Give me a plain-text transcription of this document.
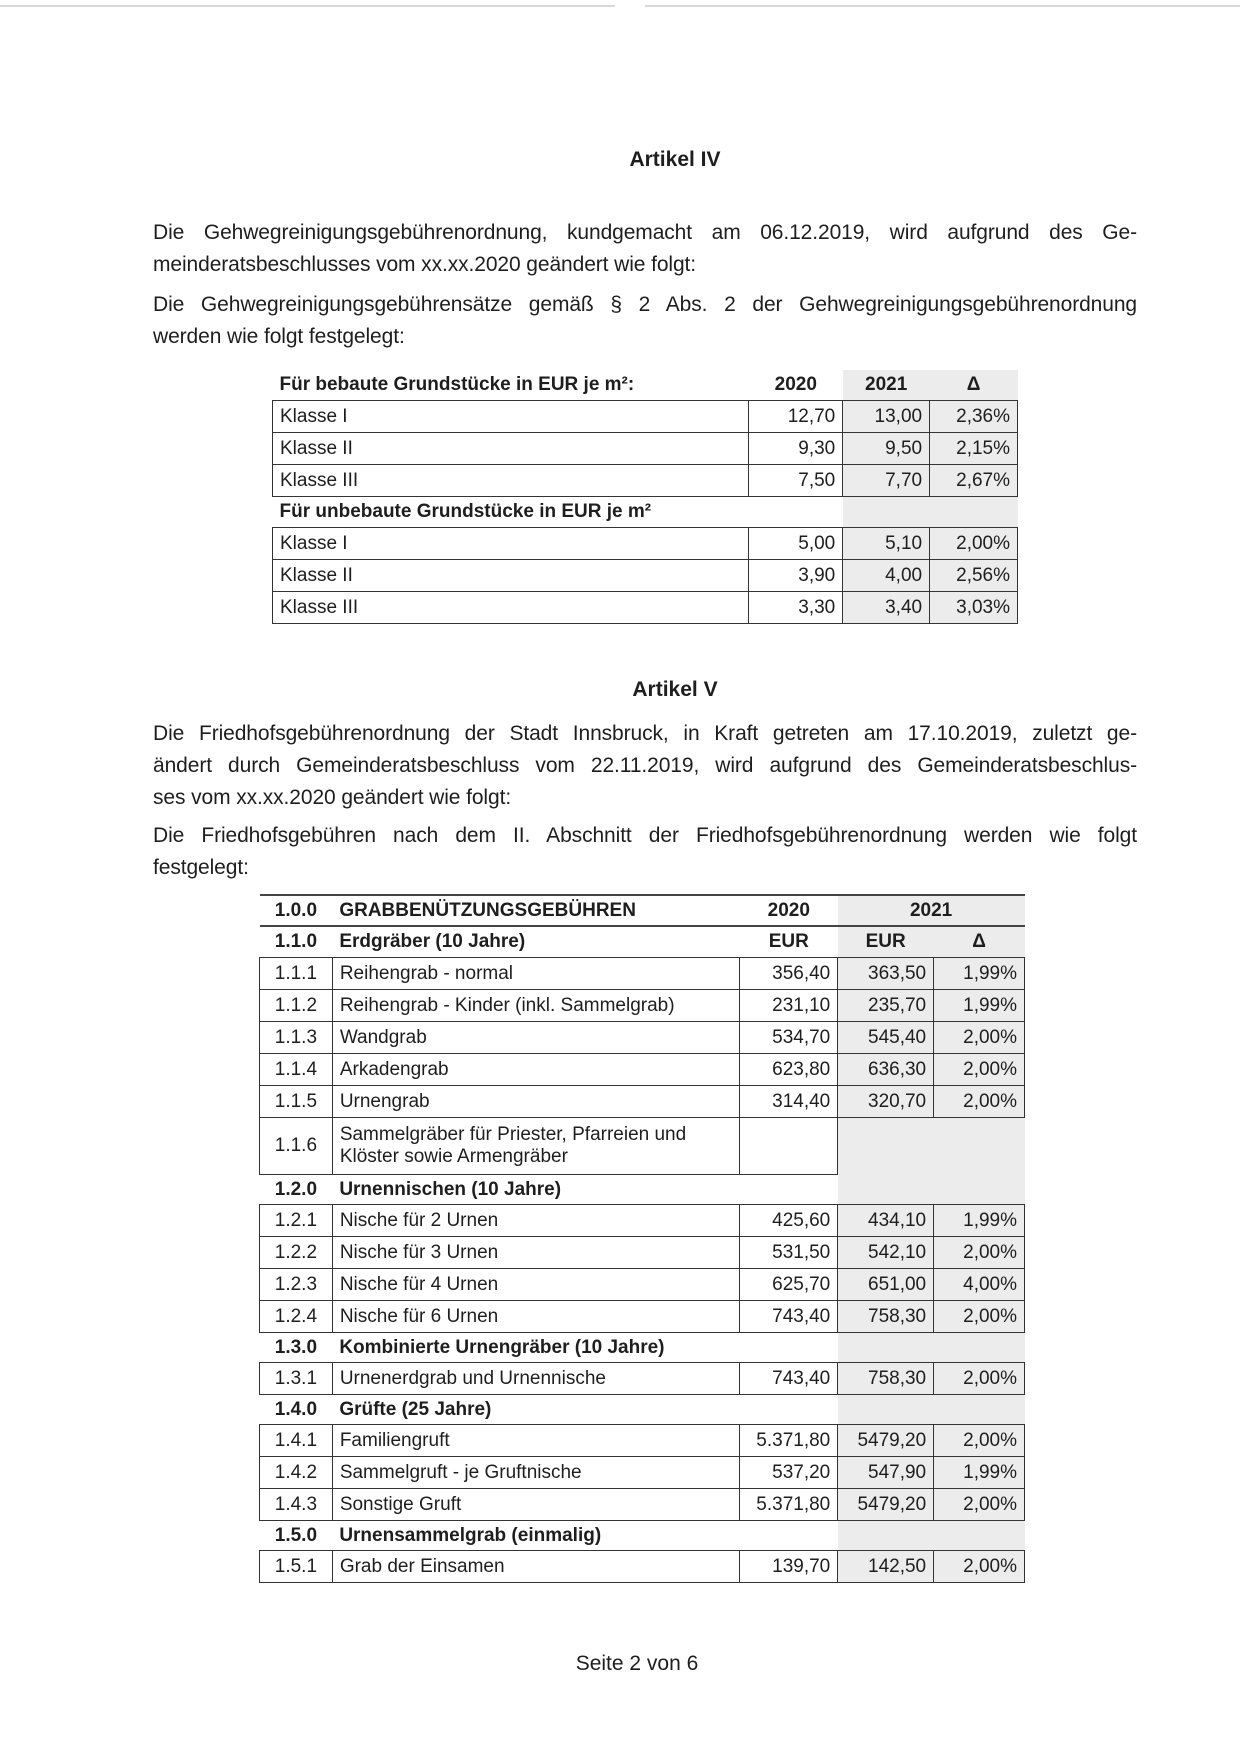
Artikel IV
Die Gehwegreinigungsgebührenordnung, kundgemacht am 06.12.2019, wird aufgrund des Ge-
meinderatsbeschlusses vom xx.xx.2020 geändert wie folgt:
Die Gehwegreinigungsgebührensätze gemäß § 2 Abs. 2 der Gehwegreinigungsgebührenordnung
werden wie folgt festgelegt:
Für bebaute Grundstücke in EUR je m²:	2020	2021	Δ
Klasse I	12,70	13,00	2,36%
Klasse II	9,30	9,50	2,15%
Klasse III	7,50	7,70	2,67%
Für unbebaute Grundstücke in EUR je m²			
Klasse I	5,00	5,10	2,00%
Klasse II	3,90	4,00	2,56%
Klasse III	3,30	3,40	3,03%
Artikel V
Die Friedhofsgebührenordnung der Stadt Innsbruck, in Kraft getreten am 17.10.2019, zuletzt ge-
ändert durch Gemeinderatsbeschluss vom 22.11.2019, wird aufgrund des Gemeinderatsbeschlus-
ses vom xx.xx.2020 geändert wie folgt:
Die Friedhofsgebühren nach dem II. Abschnitt der Friedhofsgebührenordnung werden wie folgt
festgelegt:
1.0.0	GRABBENÜTZUNGSGEBÜHREN	2020	2021	
1.1.0	Erdgräber (10 Jahre)	EUR	EUR	Δ
1.1.1	Reihengrab - normal	356,40	363,50	1,99%
1.1.2	Reihengrab - Kinder (inkl. Sammelgrab)	231,10	235,70	1,99%
1.1.3	Wandgrab	534,70	545,40	2,00%
1.1.4	Arkadengrab	623,80	636,30	2,00%
1.1.5	Urnengrab	314,40	320,70	2,00%
1.1.6	Sammelgräber für Priester, Pfarreien und Klöster sowie Armengräber			
1.2.0	Urnennischen (10 Jahre)			
1.2.1	Nische für 2 Urnen	425,60	434,10	1,99%
1.2.2	Nische für 3 Urnen	531,50	542,10	2,00%
1.2.3	Nische für 4 Urnen	625,70	651,00	4,00%
1.2.4	Nische für 6 Urnen	743,40	758,30	2,00%
1.3.0	Kombinierte Urnengräber (10 Jahre)			
1.3.1	Urnenerdgrab und Urnennische	743,40	758,30	2,00%
1.4.0	Grüfte (25 Jahre)			
1.4.1	Familiengruft	5.371,80	5479,20	2,00%
1.4.2	Sammelgruft - je Gruftnische	537,20	547,90	1,99%
1.4.3	Sonstige Gruft	5.371,80	5479,20	2,00%
1.5.0	Urnensammelgrab (einmalig)			
1.5.1	Grab der Einsamen	139,70	142,50	2,00%
Seite 2 von 6
